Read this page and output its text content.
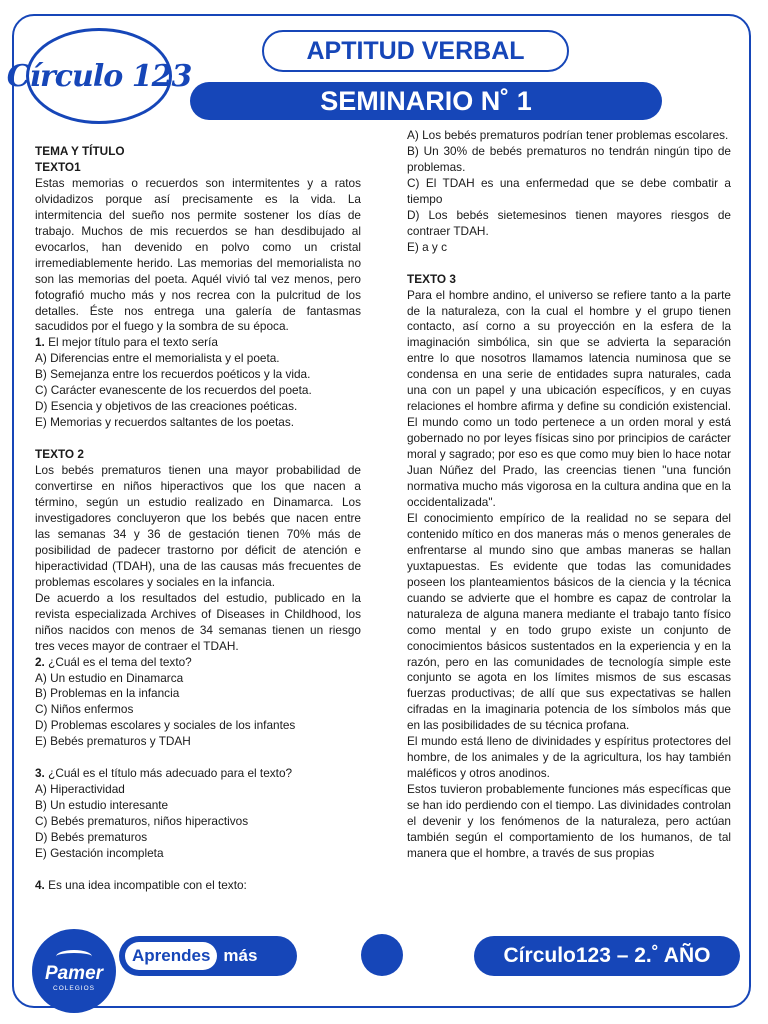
Círculo 123
APTITUD VERBAL
SEMINARIO N˚ 1

TEMA Y TÍTULO

TEXTO1

Estas memorias o recuerdos son intermitentes y a ratos olvidadizos porque así precisamente es la vida. La intermitencia del sueño nos permite sostener los días de trabajo. Muchos de mis recuerdos se han desdibujado al evocarlos, han devenido en polvo como un cristal irremediablemente herido. Las memorias del memorialista no son las memorias del poeta. Aquél vivió tal vez menos, pero fotografió mucho más y nos recrea con la pulcritud de los detalles. Éste nos entrega una galería de fantasmas sacudidos por el fuego y la sombra de su época.

1. El mejor título para el texto sería

A) Diferencias entre el memorialista y el poeta.

B) Semejanza entre los recuerdos poéticos y la vida.

C) Carácter evanescente de los recuerdos del poeta.

D) Esencia y objetivos de las creaciones poéticas.

E) Memorias y recuerdos saltantes de los poetas.

TEXTO 2

Los bebés prematuros tienen una mayor probabilidad de convertirse en niños hiperactivos que los que nacen a término, según un estudio realizado en Dinamarca. Los investigadores concluyeron que los bebés que nacen entre las semanas 34 y 36 de gestación tienen 70% más de posibilidad de padecer trastorno por déficit de atención e hiperactividad (TDAH), una de las causas más frecuentes de problemas escolares y sociales en la infancia.

De acuerdo a los resultados del estudio, publicado en la revista especializada Archives of Diseases in Childhood, los niños nacidos con menos de 34 semanas tienen un riesgo tres veces mayor de contraer el TDAH.

2. ¿Cuál es el tema del texto?

A) Un estudio en Dinamarca

B) Problemas en la infancia

C) Niños enfermos

D) Problemas escolares y sociales de los infantes

E) Bebés prematuros y TDAH

3. ¿Cuál es el título más adecuado para el texto?

A) Hiperactividad

B) Un estudio interesante

C) Bebés prematuros, niños hiperactivos

D) Bebés prematuros

E) Gestación incompleta

4. Es una idea incompatible con el texto:

A) Los bebés prematuros podrían tener problemas escolares.

B) Un 30% de bebés prematuros no tendrán ningún tipo de problemas.

C) El TDAH es una enfermedad que se debe combatir a tiempo

D) Los bebés sietemesinos tienen mayores riesgos de contraer TDAH.

E) a y c

TEXTO 3

Para el hombre andino, el universo se refiere tanto a la parte de la naturaleza, con la cual el hombre y el grupo tienen contacto, así corno a su proyección en la esfera de la imaginación simbólica, sin que se advierta la separación entre lo que nosotros llamamos latencia numinosa que se condensa en una serie de entidades supra naturales, cada una con un papel y una ubicación específicos, y en cuyas relaciones el hombre afirma y define su condición existencial. El mundo como un todo pertenece a un orden moral y está gobernado no por leyes físicas sino por principios de carácter moral y sagrado; por eso es que como muy bien lo hace notar Juan Núñez del Prado, las creencias tienen "una función normativa mucho más vigorosa en la cultura andina que en la occidentalizada".

El conocimiento empírico de la realidad no se separa del contenido mítico en dos maneras más o menos generales de enfrentarse al mundo sino que ambas maneras se hallan yuxtapuestas. Es evidente que todas las comunidades poseen los planteamientos básicos de la ciencia y la técnica cuando se advierte que el hombre es capaz de controlar la naturaleza de alguna manera mediante el trabajo tanto físico como mental y en todo grupo existe un conjunto de conocimientos básicos sustentados en la experiencia y en la razón, pero en las comunidades de tecnología simple este conjunto se agota en los límites mismos de sus escasas fuerzas productivas; de allí que sus expectativas se hallen cifradas en la imaginaria potencia de los símbolos más que en las posibilidades de su técnica profana.

El mundo está lleno de divinidades y espíritus protectores del hombre, de los animales y de la agricultura, los hay también maléficos y otros anodinos.

Estos tuvieron probablemente funciones más específicas que se han ido perdiendo con el tiempo. Las divinidades controlan el devenir y los fenómenos de la naturaleza, pero actúan también según el comportamiento de los humanos, de tal manera que el hombre, a través de sus propias

Pamer
COLEGIOS
Aprendes más	Círculo123 – 2.˚ AÑO
